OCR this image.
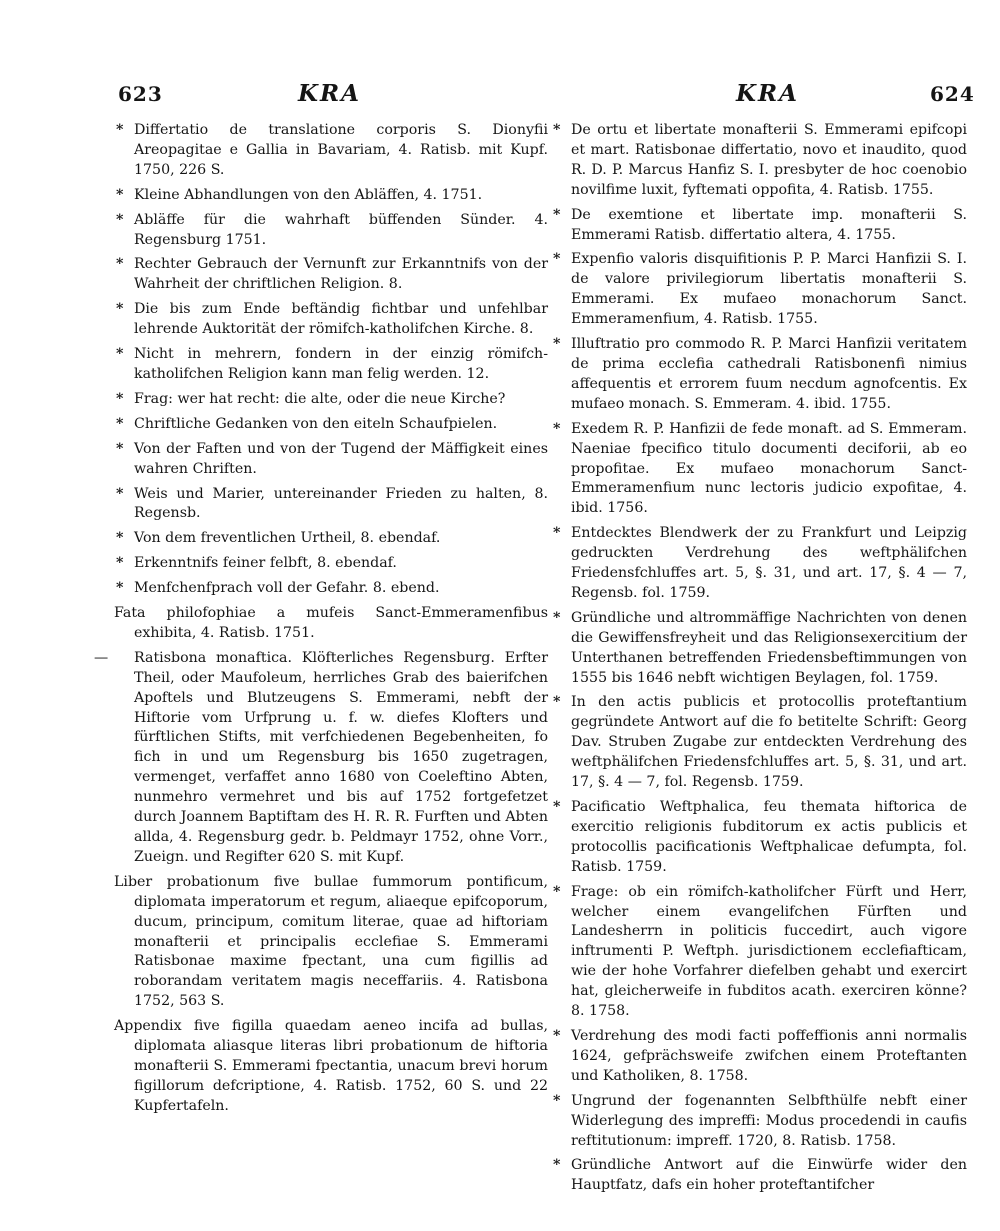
623	KRA	KRA	624
* Differtatio de translatione corporis S. Dionyfii Areopagitae e Gallia in Bavariam, 4. Ratisb. mit Kupf. 1750, 226 S.
* Kleine Abhandlungen von den Abläffen, 4. 1751.
* Abläffe für die wahrhaft büffenden Sünder. 4. Regensburg 1751.
* Rechter Gebrauch der Vernunft zur Erkanntnifs von der Wahrheit der chriftlichen Religion. 8.
* Die bis zum Ende beftändig fichtbar und unfehlbar lehrende Auktorität der römifch-katholifchen Kirche. 8.
* Nicht in mehrern, fondern in der einzig römifch-katholifchen Religion kann man felig werden. 12.
* Frag: wer hat recht: die alte, oder die neue Kirche?
* Chriftliche Gedanken von den eiteln Schaufpielen.
* Von der Faften und von der Tugend der Mäffigkeit eines wahren Chriften.
* Weis und Marier, untereinander Frieden zu halten, 8. Regensb.
* Von dem freventlichen Urtheil, 8. ebendaf.
* Erkenntnifs feiner felbft, 8. ebendaf.
* Menfchenfprach voll der Gefahr. 8. ebend.
Fata philofophiae a mufeis Sanct-Emmeramenfibus exhibita, 4. Ratisb. 1751.
— Ratisbona monaftica. Klöfterliches Regensburg. Erfter Theil, oder Maufoleum, herrliches Grab des baierifchen Apoftels und Blutzeugens S. Emmerami, nebft der Hiftorie vom Urfprung u. f. w. diefes Klofters und fürftlichen Stifts, mit verfchiedenen Begebenheiten, fo fich in und um Regensburg bis 1650 zugetragen, vermenget, verfaffet anno 1680 von Coeleftino Abten, nunmehro vermehret und bis auf 1752 fortgefetzet durch Joannem Baptiftam des H. R. R. Furften und Abten allda, 4. Regensburg gedr. b. Peldmayr 1752, ohne Vorr., Zueign. und Regifter 620 S. mit Kupf.
Liber probationum five bullae fummorum pontificum, diplomata imperatorum et regum, aliaeque epifcoporum, ducum, principum, comitum literae, quae ad hiftoriam monafterii et principalis ecclefiae S. Emmerami Ratisbonae maxime fpectant, una cum figillis ad roborandam veritatem magis neceffariis. 4. Ratisbona 1752, 563 S.
Appendix five figilla quaedam aeneo incifa ad bullas, diplomata aliasque literas libri probationum de hiftoria monafterii S. Emmerami fpectantia, unacum brevi horum figillorum defcriptione, 4. Ratisb. 1752, 60 S. und 22 Kupfertafeln.
* De ortu et libertate monafterii S. Emmerami epifcopi et mart. Ratisbonae differtatio, novo et inaudito, quod R. D. P. Marcus Hanfiz S. I. presbyter de hoc coenobio novilfime luxit, fyftemati oppofita, 4. Ratisb. 1755.
* De exemtione et libertate imp. monafterii S. Emmerami Ratisb. differtatio altera, 4. 1755.
* Expenfio valoris disquifitionis P. P. Marci Hanfizii S. I. de valore privilegiorum libertatis monafterii S. Emmerami. Ex mufaeo monachorum Sanct. Emmeramenfium, 4. Ratisb. 1755.
* Illuftratio pro commodo R. P. Marci Hanfizii veritatem de prima ecclefia cathedrali Ratisbonenfi nimius affequentis et errorem fuum necdum agnofcentis. Ex mufaeo monach. S. Emmeram. 4. ibid. 1755.
* Exedem R. P. Hanfizii de fede monaft. ad S. Emmeram. Naeniae fpecifico titulo documenti deciforii, ab eo propofitae. Ex mufaeo monachorum Sanct-Emmeramenfium nunc lectoris judicio expofitae, 4. ibid. 1756.
* Entdecktes Blendwerk der zu Frankfurt und Leipzig gedruckten Verdrehung des weftphälifchen Friedensfchluffes art. 5, §. 31, und art. 17, §. 4 — 7, Regensb. fol. 1759.
* Gründliche und altrommäffige Nachrichten von denen die Gewiffensfreyheit und das Religionsexercitium der Unterthanen betreffenden Friedensbeftimmungen von 1555 bis 1646 nebft wichtigen Beylagen, fol. 1759.
* In den actis publicis et protocollis proteftantium gegründete Antwort auf die fo betitelte Schrift: Georg Dav. Struben Zugabe zur entdeckten Verdrehung des weftphälifchen Friedensfchluffes art. 5, §. 31, und art. 17, §. 4 — 7, fol. Regensb. 1759.
* Pacificatio Weftphalica, feu themata hiftorica de exercitio religionis fubditorum ex actis publicis et protocollis pacificationis Weftphalicae defumpta, fol. Ratisb. 1759.
* Frage: ob ein römifch-katholifcher Fürft und Herr, welcher einem evangelifchen Fürften und Landesherrn in politicis fuccedirt, auch vigore inftrumenti P. Weftph. jurisdictionem ecclefiafticam, wie der hohe Vorfahrer diefelben gehabt und exercirt hat, gleicherweife in fubditos acath. exerciren könne? 8. 1758.
* Verdrehung des modi facti poffeffionis anni normalis 1624, gefprächsweife zwifchen einem Proteftanten und Katholiken, 8. 1758.
* Ungrund der fogenannten Selbfthülfe nebft einer Widerlegung des impreffi: Modus procedendi in caufis reftitutionum: impreff. 1720, 8. Ratisb. 1758.
* Gründliche Antwort auf die Einwürfe wider den Hauptfatz, dafs ein hoher proteftantifcher
